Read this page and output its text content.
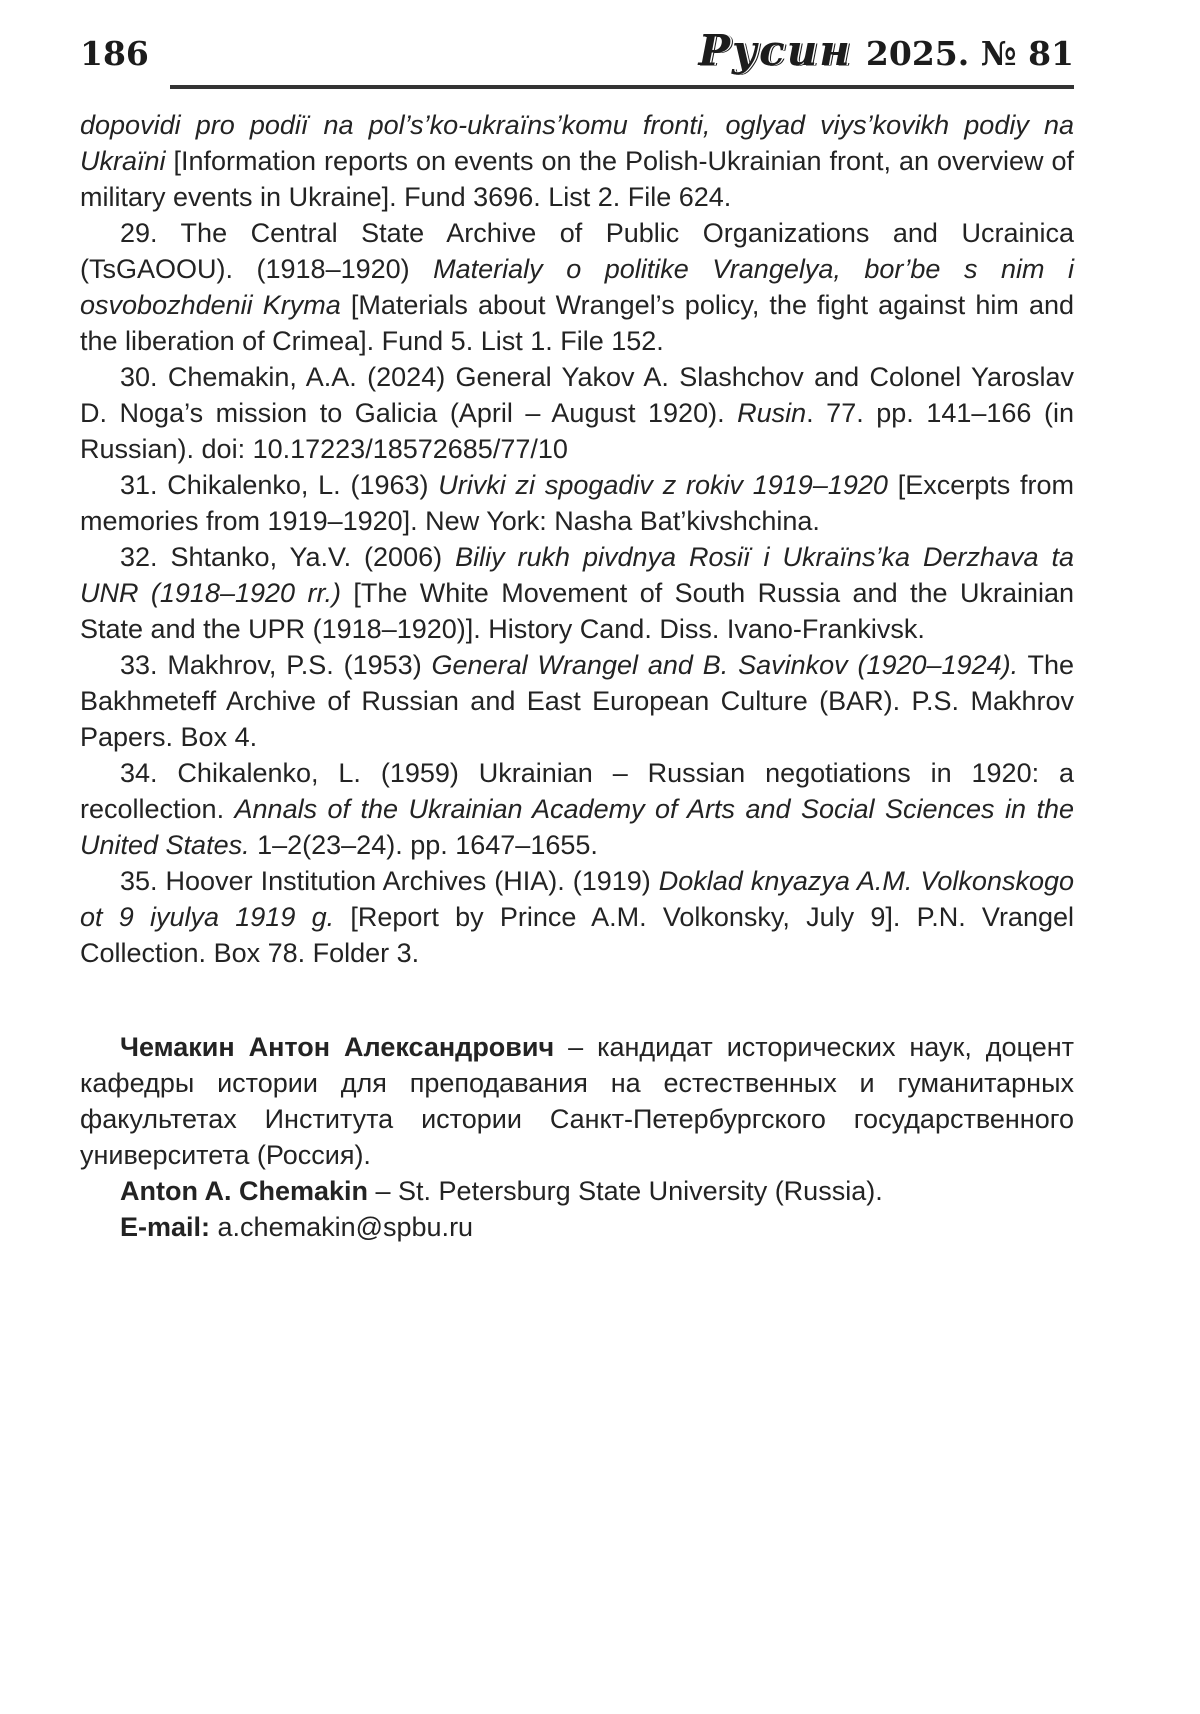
186	Русин 2025. № 81

dopovidi pro podiï na pol’s’ko-ukraïns’komu fronti, oglyad viys’kovikh podiy na Ukraïni [Information reports on events on the Polish-Ukrainian front, an overview of military events in Ukraine]. Fund 3696. List 2. File 624.

29. The Central State Archive of Public Organizations and Ucrainica (TsGAOOU). (1918–1920) Materialy o politike Vrangelya, bor’be s nim i osvobozhdenii Kryma [Materials about Wrangel’s policy, the fight against him and the liberation of Crimea]. Fund 5. List 1. File 152.

30. Chemakin, A.A. (2024) General Yakov A. Slashchov and Colonel Yaroslav D. Noga’s mission to Galicia (April – August 1920). Rusin. 77. pp. 141–166 (in Russian). doi: 10.17223/18572685/77/10

31. Chikalenko, L. (1963) Urivki zi spogadiv z rokiv 1919–1920 [Excerpts from memories from 1919–1920]. New York: Nasha Bat’kivshchina.

32. Shtanko, Ya.V. (2006) Biliy rukh pivdnya Rosiï i Ukraïns’ka Derzhava ta UNR (1918–1920 rr.) [The White Movement of South Russia and the Ukrainian State and the UPR (1918–1920)]. History Cand. Diss. Ivano-Frankivsk.

33. Makhrov, P.S. (1953) General Wrangel and B. Savinkov (1920–1924). The Bakhmeteff Archive of Russian and East European Culture (BAR). P.S. Makhrov Papers. Box 4.

34. Chikalenko, L. (1959) Ukrainian – Russian negotiations in 1920: a recollection. Annals of the Ukrainian Academy of Arts and Social Sciences in the United States. 1–2(23–24). pp. 1647–1655.

35. Hoover Institution Archives (HIA). (1919) Doklad knyazya A.M. Volkonskogo ot 9 iyulya 1919 g. [Report by Prince A.M. Volkonsky, July 9]. P.N. Vrangel Collection. Box 78. Folder 3.

Чемакин Антон Александрович – кандидат исторических наук, доцент кафедры истории для преподавания на естественных и гуманитарных факультетах Института истории Санкт-Петербургского государственного университета (Россия).

Anton A. Chemakin – St. Petersburg State University (Russia).

E-mail: a.chemakin@spbu.ru
